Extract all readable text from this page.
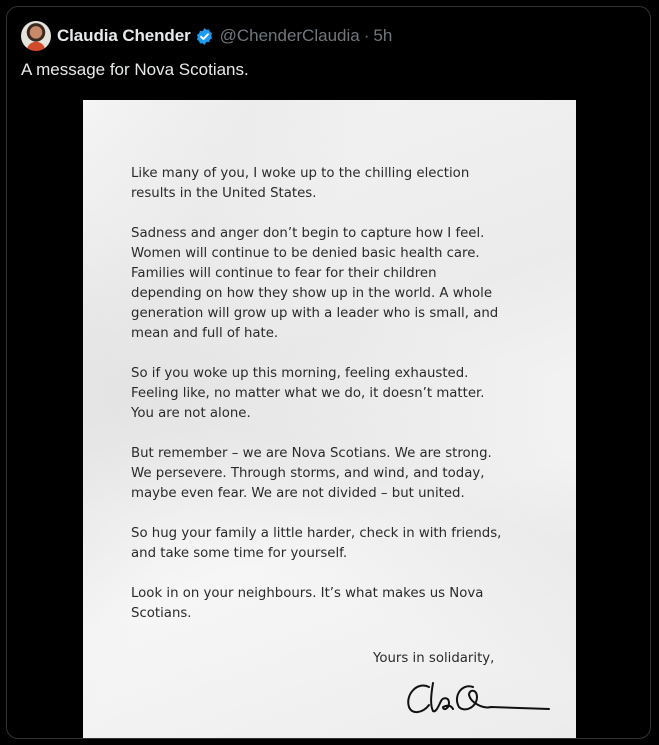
Claudia Chender @ChenderClaudia · 5h

A message for Nova Scotians.

Like many of you, I woke up to the chilling election
results in the United States.

Sadness and anger don’t begin to capture how I feel.
Women will continue to be denied basic health care.
Families will continue to fear for their children
depending on how they show up in the world. A whole
generation will grow up with a leader who is small, and
mean and full of hate.

So if you woke up this morning, feeling exhausted.
Feeling like, no matter what we do, it doesn’t matter.
You are not alone.

But remember – we are Nova Scotians. We are strong.
We persevere. Through storms, and wind, and today,
maybe even fear. We are not divided – but united.

So hug your family a little harder, check in with friends,
and take some time for yourself.

Look in on your neighbours. It’s what makes us Nova
Scotians.

Yours in solidarity,
